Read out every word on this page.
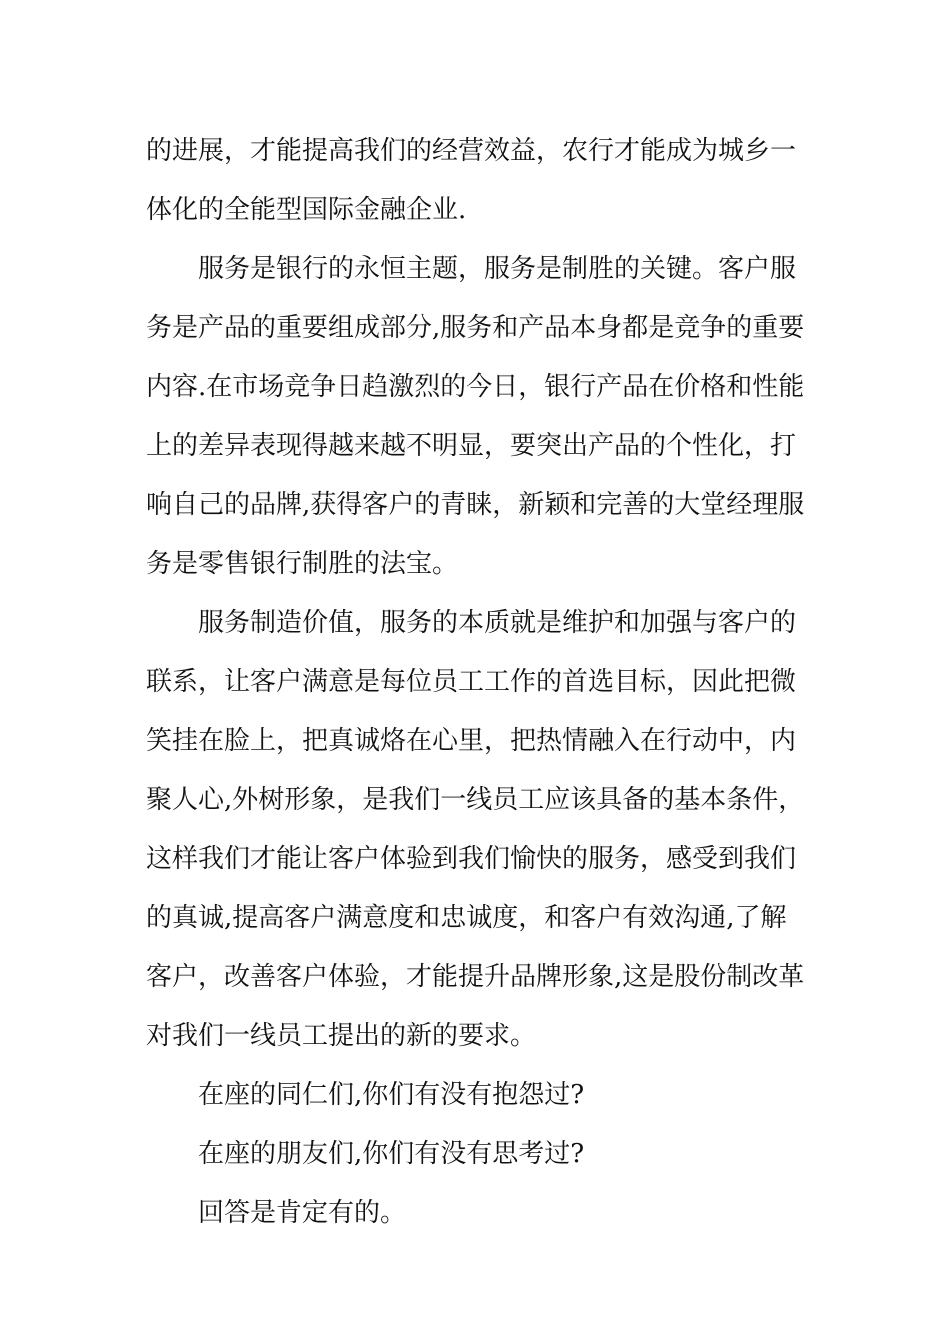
的进展，才能提高我们的经营效益，农行才能成为城乡一
体化的全能型国际金融企业.
服务是银行的永恒主题，服务是制胜的关键。客户服
务是产品的重要组成部分,服务和产品本身都是竞争的重要
内容.在市场竞争日趋激烈的今日，银行产品在价格和性能
上的差异表现得越来越不明显，要突出产品的个性化，打
响自己的品牌,获得客户的青睐，新颖和完善的大堂经理服
务是零售银行制胜的法宝。
服务制造价值，服务的本质就是维护和加强与客户的
联系，让客户满意是每位员工工作的首选目标，因此把微
笑挂在脸上，把真诚烙在心里，把热情融入在行动中，内
聚人心,外树形象，是我们一线员工应该具备的基本条件，
这样我们才能让客户体验到我们愉快的服务，感受到我们
的真诚,提高客户满意度和忠诚度，和客户有效沟通,了解
客户，改善客户体验，才能提升品牌形象,这是股份制改革
对我们一线员工提出的新的要求。
在座的同仁们,你们有没有抱怨过?
在座的朋友们,你们有没有思考过?
回答是肯定有的。
